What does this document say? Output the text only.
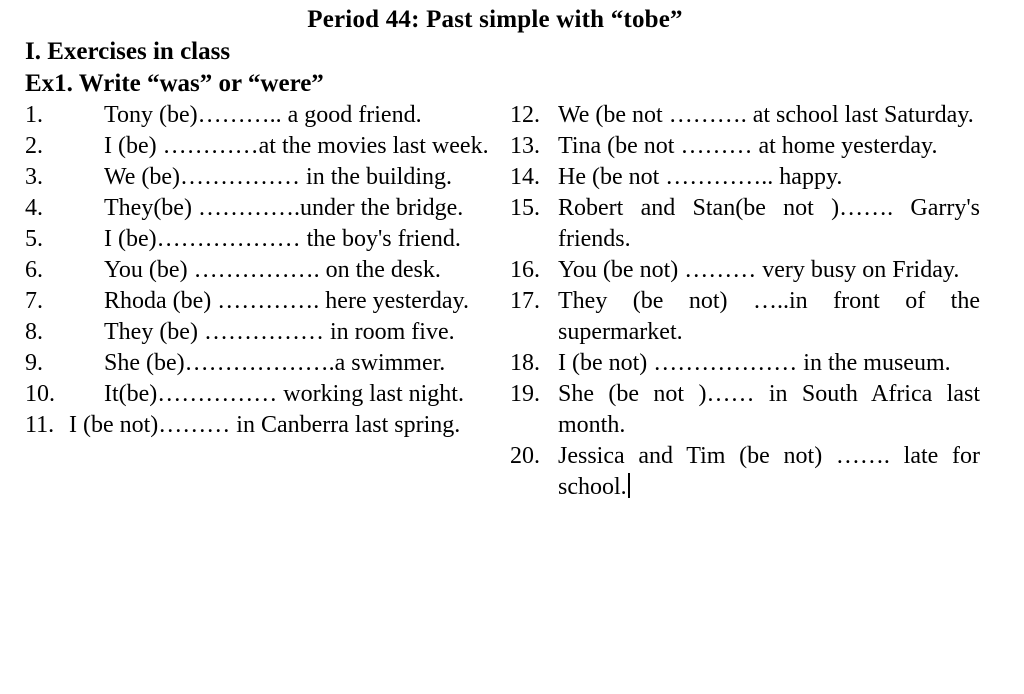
Period 44: Past simple with “tobe”
I. Exercises in class
Ex1. Write “was” or “were”
1.	Tony (be)……….. a good friend.
2.	I (be) …………at the movies last week.
3.	We (be)…………… in the building.
4.	They(be) ………….under the bridge.
5.	I (be)……………… the boy's friend.
6.	You (be) ……………. on the desk.
7.	Rhoda (be) …………. here yesterday.
8.	They (be) …………… in room five.
9.	She (be)……………….a swimmer.
10.	It(be)…………… working last night.
11. I (be not)……… in Canberra last spring.
12. We (be not ………. at school last Saturday.
13. Tina (be not ……… at home yesterday.
14. He (be not ………….. happy.
15. Robert and Stan(be not )……. Garry's friends.
16. You (be not) ……… very busy on Friday.
17. They (be not) …..in front of the supermarket.
18. I (be not) ……………… in the museum.
19. She (be not )…… in South Africa last month.
20. Jessica and Tim (be not) ……. late for school.
